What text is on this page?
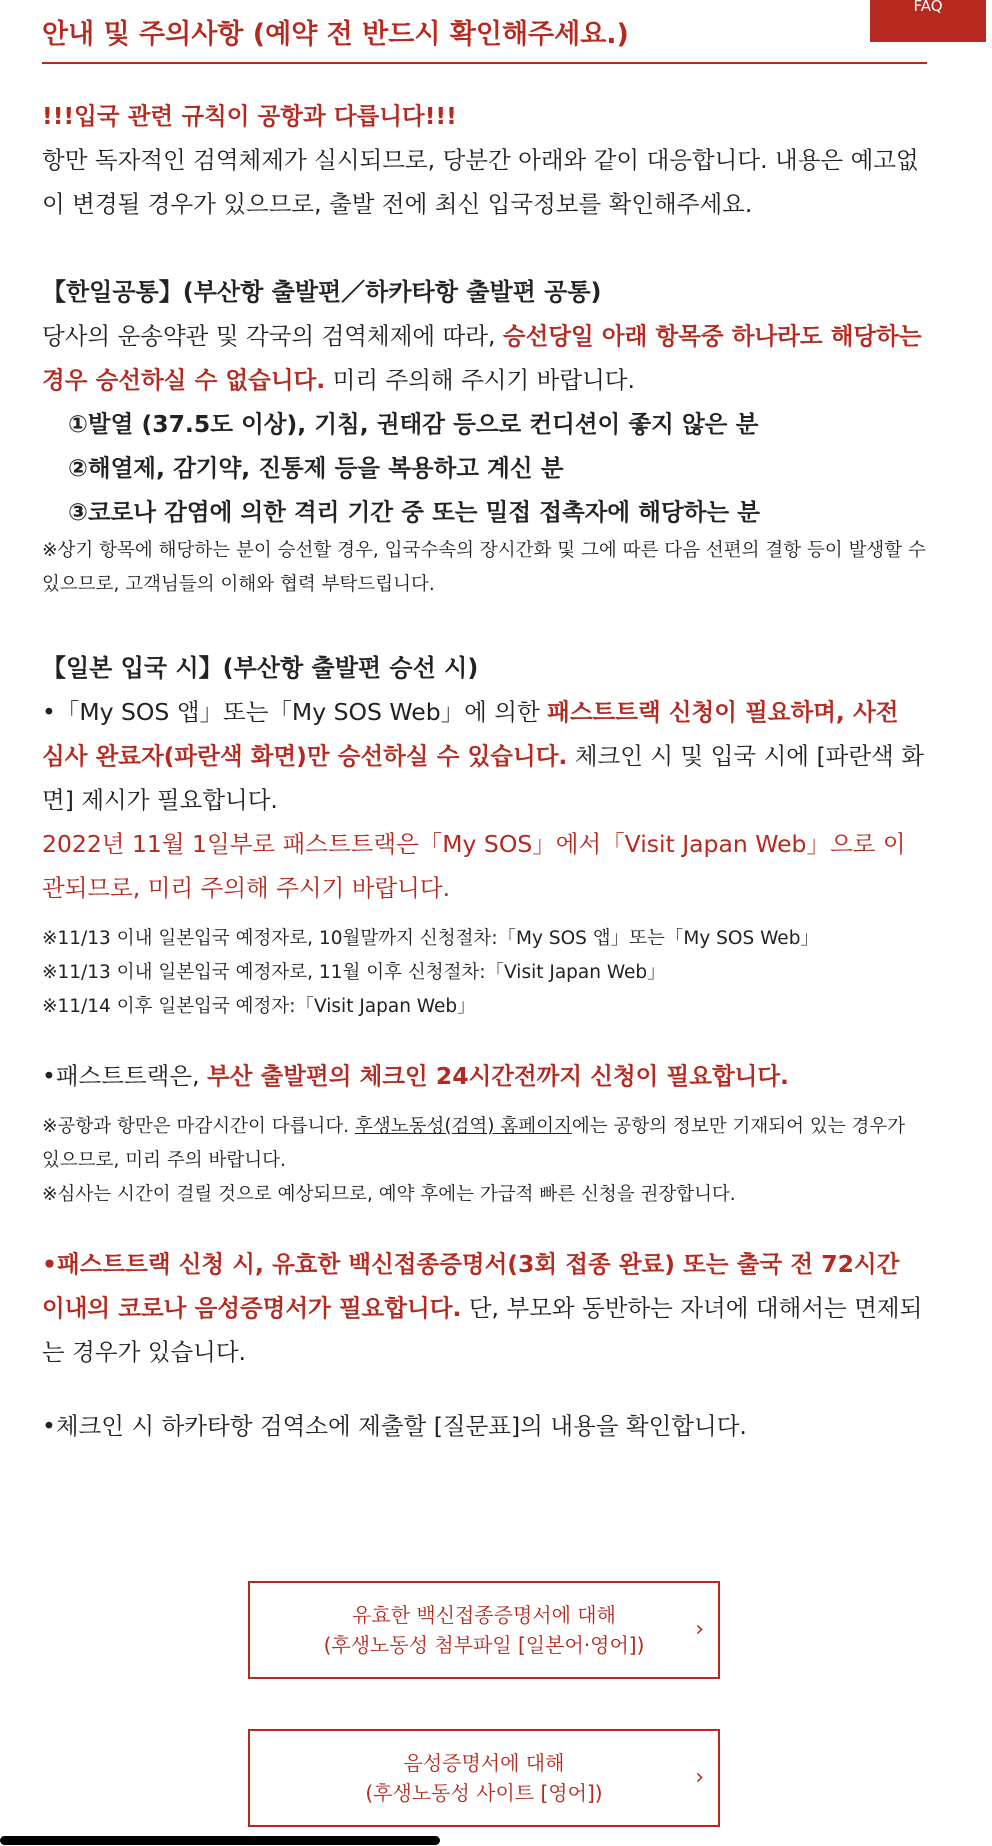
FAQ
안내 및 주의사항 (예약 전 반드시 확인해주세요.)

!!!입국 관련 규칙이 공항과 다릅니다!!!

항만 독자적인 검역체제가 실시되므로, 당분간 아래와 같이 대응합니다. 내용은 예고없이 변경될 경우가 있으므로, 출발 전에 최신 입국정보를 확인해주세요.

【한일공통】(부산항 출발편／하카타항 출발편 공통)

당사의 운송약관 및 각국의 검역체제에 따라, 승선당일 아래 항목중 하나라도 해당하는 경우 승선하실 수 없습니다. 미리 주의해 주시기 바랍니다.

①발열 (37.5도 이상), 기침, 권태감 등으로 컨디션이 좋지 않은 분

②해열제, 감기약, 진통제 등을 복용하고 계신 분

③코로나 감염에 의한 격리 기간 중 또는 밀접 접촉자에 해당하는 분

※상기 항목에 해당하는 분이 승선할 경우, 입국수속의 장시간화 및 그에 따른 다음 선편의 결항 등이 발생할 수 있으므로, 고객님들의 이해와 협력 부탁드립니다.

【일본 입국 시】(부산항 출발편 승선 시)

•「My SOS 앱」또는「My SOS Web」에 의한 패스트트랙 신청이 필요하며, 사전 심사 완료자(파란색 화면)만 승선하실 수 있습니다. 체크인 시 및 입국 시에 [파란색 화면] 제시가 필요합니다.

2022년 11월 1일부로 패스트트랙은「My SOS」에서「Visit Japan Web」으로 이관되므로, 미리 주의해 주시기 바랍니다.

※11/13 이내 일본입국 예정자로, 10월말까지 신청절차:「My SOS 앱」또는「My SOS Web」

※11/13 이내 일본입국 예정자로, 11월 이후 신청절차:「Visit Japan Web」

※11/14 이후 일본입국 예정자:「Visit Japan Web」

•패스트트랙은, 부산 출발편의 체크인 24시간전까지 신청이 필요합니다.

※공항과 항만은 마감시간이 다릅니다. 후생노동성(검역) 홈페이지에는 공항의 정보만 기재되어 있는 경우가 있으므로, 미리 주의 바랍니다.

※심사는 시간이 걸릴 것으로 예상되므로, 예약 후에는 가급적 빠른 신청을 권장합니다.

•패스트트랙 신청 시, 유효한 백신접종증명서(3회 접종 완료) 또는 출국 전 72시간 이내의 코로나 음성증명서가 필요합니다. 단, 부모와 동반하는 자녀에 대해서는 면제되는 경우가 있습니다.

•체크인 시 하카타항 검역소에 제출할 [질문표]의 내용을 확인합니다.

유효한 백신접종증명서에 대해
(후생노동성 첨부파일 [일본어·영어])
›
음성증명서에 대해
(후생노동성 사이트 [영어])
›
